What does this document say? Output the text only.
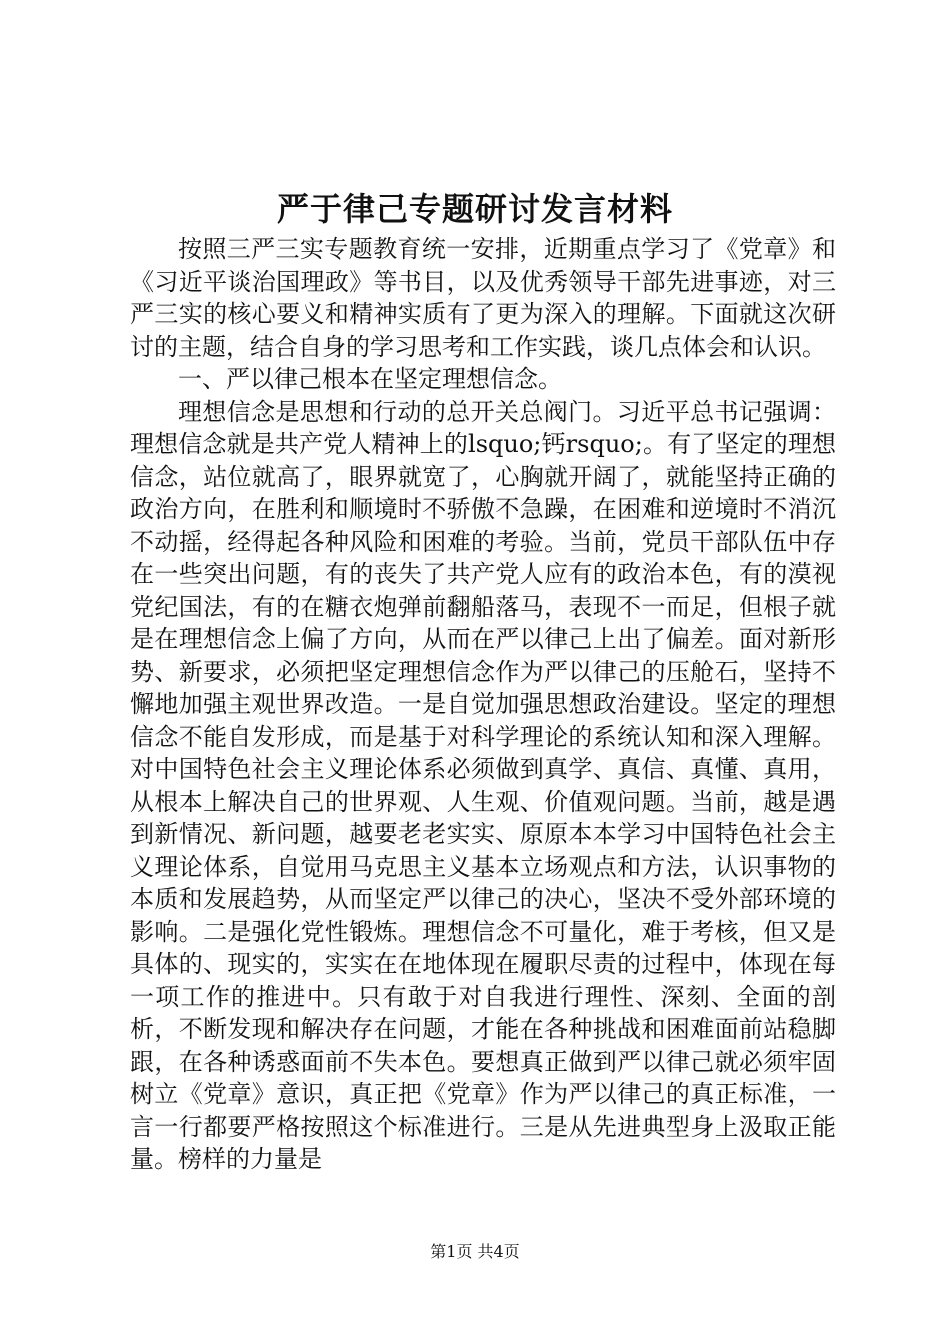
严于律己专题研讨发言材料

按照三严三实专题教育统一安排，近期重点学习了《党章》和《习近平谈治国理政》等书目，以及优秀领导干部先进事迹，对三严三实的核心要义和精神实质有了更为深入的理解。下面就这次研讨的主题，结合自身的学习思考和工作实践，谈几点体会和认识。

一、严以律己根本在坚定理想信念。

理想信念是思想和行动的总开关总阀门。习近平总书记强调：理想信念就是共产党人精神上的lsquo;钙rsquo;。有了坚定的理想信念，站位就高了，眼界就宽了，心胸就开阔了，就能坚持正确的政治方向，在胜利和顺境时不骄傲不急躁，在困难和逆境时不消沉不动摇，经得起各种风险和困难的考验。当前，党员干部队伍中存在一些突出问题，有的丧失了共产党人应有的政治本色，有的漠视党纪国法，有的在糖衣炮弹前翻船落马，表现不一而足，但根子就是在理想信念上偏了方向，从而在严以律己上出了偏差。面对新形势、新要求，必须把坚定理想信念作为严以律己的压舱石，坚持不懈地加强主观世界改造。一是自觉加强思想政治建设。坚定的理想信念不能自发形成，而是基于对科学理论的系统认知和深入理解。对中国特色社会主义理论体系必须做到真学、真信、真懂、真用，从根本上解决自己的世界观、人生观、价值观问题。当前，越是遇到新情况、新问题，越要老老实实、原原本本学习中国特色社会主义理论体系，自觉用马克思主义基本立场观点和方法，认识事物的本质和发展趋势，从而坚定严以律己的决心，坚决不受外部环境的影响。二是强化党性锻炼。理想信念不可量化，难于考核，但又是具体的、现实的，实实在在地体现在履职尽责的过程中，体现在每一项工作的推进中。只有敢于对自我进行理性、深刻、全面的剖析，不断发现和解决存在问题，才能在各种挑战和困难面前站稳脚跟，在各种诱惑面前不失本色。要想真正做到严以律己就必须牢固树立《党章》意识，真正把《党章》作为严以律己的真正标准，一言一行都要严格按照这个标准进行。三是从先进典型身上汲取正能量。榜样的力量是

第1页 共4页
